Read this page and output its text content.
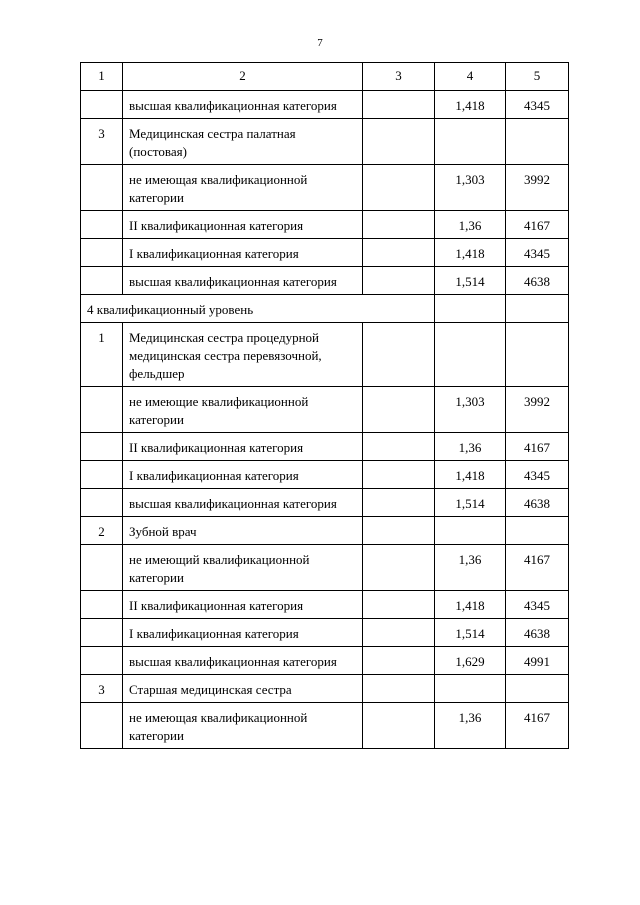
7
1	2	3	4	5
	высшая квалификационная категория		1,418	4345
3	Медицинская сестра палатная (постовая)			
	не имеющая квалификационной категории		1,303	3992
	II квалификационная категория		1,36	4167
	I квалификационная категория		1,418	4345
	высшая квалификационная категория		1,514	4638
4 квалификационный уровень				
1	Медицинская сестра процедурной медицинская сестра перевязочной, фельдшер			
	не имеющие квалификационной категории		1,303	3992
	II квалификационная категория		1,36	4167
	I квалификационная категория		1,418	4345
	высшая квалификационная категория		1,514	4638
2	Зубной врач			
	не имеющий квалификационной категории		1,36	4167
	II квалификационная категория		1,418	4345
	I квалификационная категория		1,514	4638
	высшая квалификационная категория		1,629	4991
3	Старшая медицинская сестра			
	не имеющая квалификационной категории		1,36	4167
